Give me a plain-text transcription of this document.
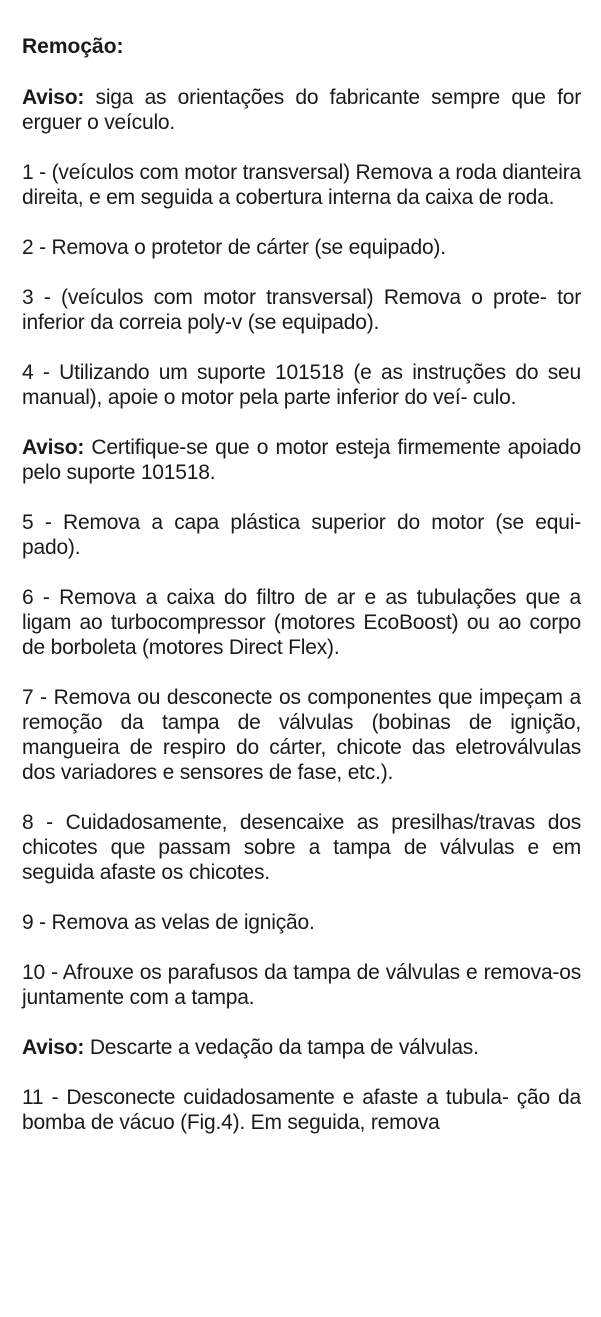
Remoção:

Aviso: siga as orientações do fabricante sempre que for erguer o veículo.

1 - (veículos com motor transversal) Remova a roda dianteira direita, e em seguida a cobertura interna da caixa de roda.

2 - Remova o protetor de cárter (se equipado).

3 - (veículos com motor transversal) Remova o prote- tor inferior da correia poly-v (se equipado).

4 - Utilizando um suporte 101518 (e as instruções do seu manual), apoie o motor pela parte inferior do veí- culo.

Aviso: Certifique-se que o motor esteja firmemente apoiado pelo suporte 101518.

5 - Remova a capa plástica superior do motor (se equi- pado).

6 - Remova a caixa do filtro de ar e as tubulações que a ligam ao turbocompressor (motores EcoBoost) ou ao corpo de borboleta (motores Direct Flex).

7 - Remova ou desconecte os componentes que impeçam a remoção da tampa de válvulas (bobinas de ignição, mangueira de respiro do cárter, chicote das eletroválvulas dos variadores e sensores de fase, etc.).

8 - Cuidadosamente, desencaixe as presilhas/travas dos chicotes que passam sobre a tampa de válvulas e em seguida afaste os chicotes.

9 - Remova as velas de ignição.

10 - Afrouxe os parafusos da tampa de válvulas e remova-os juntamente com a tampa.

Aviso: Descarte a vedação da tampa de válvulas.

11 - Desconecte cuidadosamente e afaste a tubula- ção da bomba de vácuo (Fig.4). Em seguida, remova
